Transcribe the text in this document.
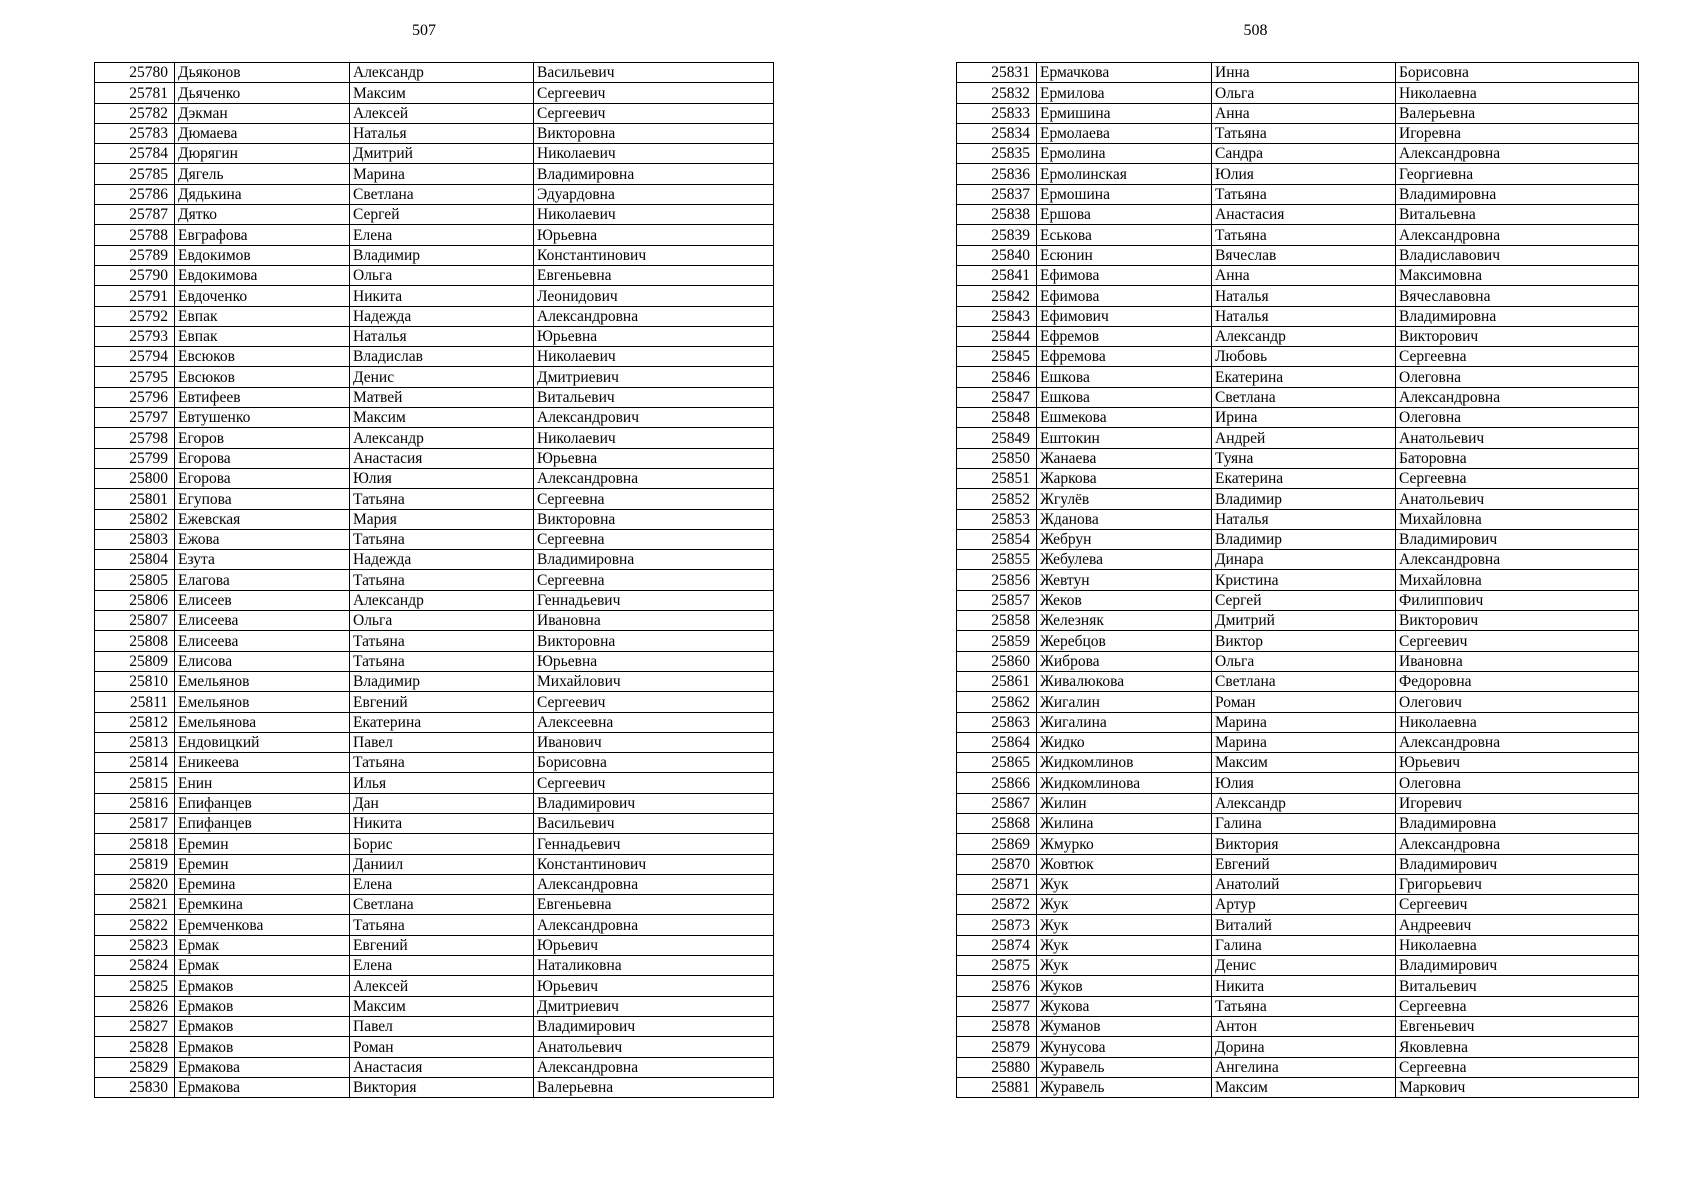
507
25780	Дьяконов	Александр	Васильевич
25781	Дьяченко	Максим	Сергеевич
25782	Дэкман	Алексей	Сергеевич
25783	Дюмаева	Наталья	Викторовна
25784	Дюрягин	Дмитрий	Николаевич
25785	Дягель	Марина	Владимировна
25786	Дядькина	Светлана	Эдуардовна
25787	Дятко	Сергей	Николаевич
25788	Евграфова	Елена	Юрьевна
25789	Евдокимов	Владимир	Константинович
25790	Евдокимова	Ольга	Евгеньевна
25791	Евдоченко	Никита	Леонидович
25792	Евпак	Надежда	Александровна
25793	Евпак	Наталья	Юрьевна
25794	Евсюков	Владислав	Николаевич
25795	Евсюков	Денис	Дмитриевич
25796	Евтифеев	Матвей	Витальевич
25797	Евтушенко	Максим	Александрович
25798	Егоров	Александр	Николаевич
25799	Егорова	Анастасия	Юрьевна
25800	Егорова	Юлия	Александровна
25801	Егупова	Татьяна	Сергеевна
25802	Ежевская	Мария	Викторовна
25803	Ежова	Татьяна	Сергеевна
25804	Езута	Надежда	Владимировна
25805	Елагова	Татьяна	Сергеевна
25806	Елисеев	Александр	Геннадьевич
25807	Елисеева	Ольга	Ивановна
25808	Елисеева	Татьяна	Викторовна
25809	Елисова	Татьяна	Юрьевна
25810	Емельянов	Владимир	Михайлович
25811	Емельянов	Евгений	Сергеевич
25812	Емельянова	Екатерина	Алексеевна
25813	Ендовицкий	Павел	Иванович
25814	Еникеева	Татьяна	Борисовна
25815	Енин	Илья	Сергеевич
25816	Епифанцев	Дан	Владимирович
25817	Епифанцев	Никита	Васильевич
25818	Еремин	Борис	Геннадьевич
25819	Еремин	Даниил	Константинович
25820	Еремина	Елена	Александровна
25821	Еремкина	Светлана	Евгеньевна
25822	Еремченкова	Татьяна	Александровна
25823	Ермак	Евгений	Юрьевич
25824	Ермак	Елена	Наталиковна
25825	Ермаков	Алексей	Юрьевич
25826	Ермаков	Максим	Дмитриевич
25827	Ермаков	Павел	Владимирович
25828	Ермаков	Роман	Анатольевич
25829	Ермакова	Анастасия	Александровна
25830	Ермакова	Виктория	Валерьевна
508
25831	Ермачкова	Инна	Борисовна
25832	Ермилова	Ольга	Николаевна
25833	Ермишина	Анна	Валерьевна
25834	Ермолаева	Татьяна	Игоревна
25835	Ермолина	Сандра	Александровна
25836	Ермолинская	Юлия	Георгиевна
25837	Ермошина	Татьяна	Владимировна
25838	Ершова	Анастасия	Витальевна
25839	Еськова	Татьяна	Александровна
25840	Есюнин	Вячеслав	Владиславович
25841	Ефимова	Анна	Максимовна
25842	Ефимова	Наталья	Вячеславовна
25843	Ефимович	Наталья	Владимировна
25844	Ефремов	Александр	Викторович
25845	Ефремова	Любовь	Сергеевна
25846	Ешкова	Екатерина	Олеговна
25847	Ешкова	Светлана	Александровна
25848	Ешмекова	Ирина	Олеговна
25849	Ештокин	Андрей	Анатольевич
25850	Жанаева	Туяна	Баторовна
25851	Жаркова	Екатерина	Сергеевна
25852	Жгулёв	Владимир	Анатольевич
25853	Жданова	Наталья	Михайловна
25854	Жебрун	Владимир	Владимирович
25855	Жебулева	Динара	Александровна
25856	Жевтун	Кристина	Михайловна
25857	Жеков	Сергей	Филиппович
25858	Железняк	Дмитрий	Викторович
25859	Жеребцов	Виктор	Сергеевич
25860	Жиброва	Ольга	Ивановна
25861	Живалюкова	Светлана	Федоровна
25862	Жигалин	Роман	Олегович
25863	Жигалина	Марина	Николаевна
25864	Жидко	Марина	Александровна
25865	Жидкомлинов	Максим	Юрьевич
25866	Жидкомлинова	Юлия	Олеговна
25867	Жилин	Александр	Игоревич
25868	Жилина	Галина	Владимировна
25869	Жмурко	Виктория	Александровна
25870	Жовтюк	Евгений	Владимирович
25871	Жук	Анатолий	Григорьевич
25872	Жук	Артур	Сергеевич
25873	Жук	Виталий	Андреевич
25874	Жук	Галина	Николаевна
25875	Жук	Денис	Владимирович
25876	Жуков	Никита	Витальевич
25877	Жукова	Татьяна	Сергеевна
25878	Жуманов	Антон	Евгеньевич
25879	Жунусова	Дорина	Яковлевна
25880	Журавель	Ангелина	Сергеевна
25881	Журавель	Максим	Маркович
